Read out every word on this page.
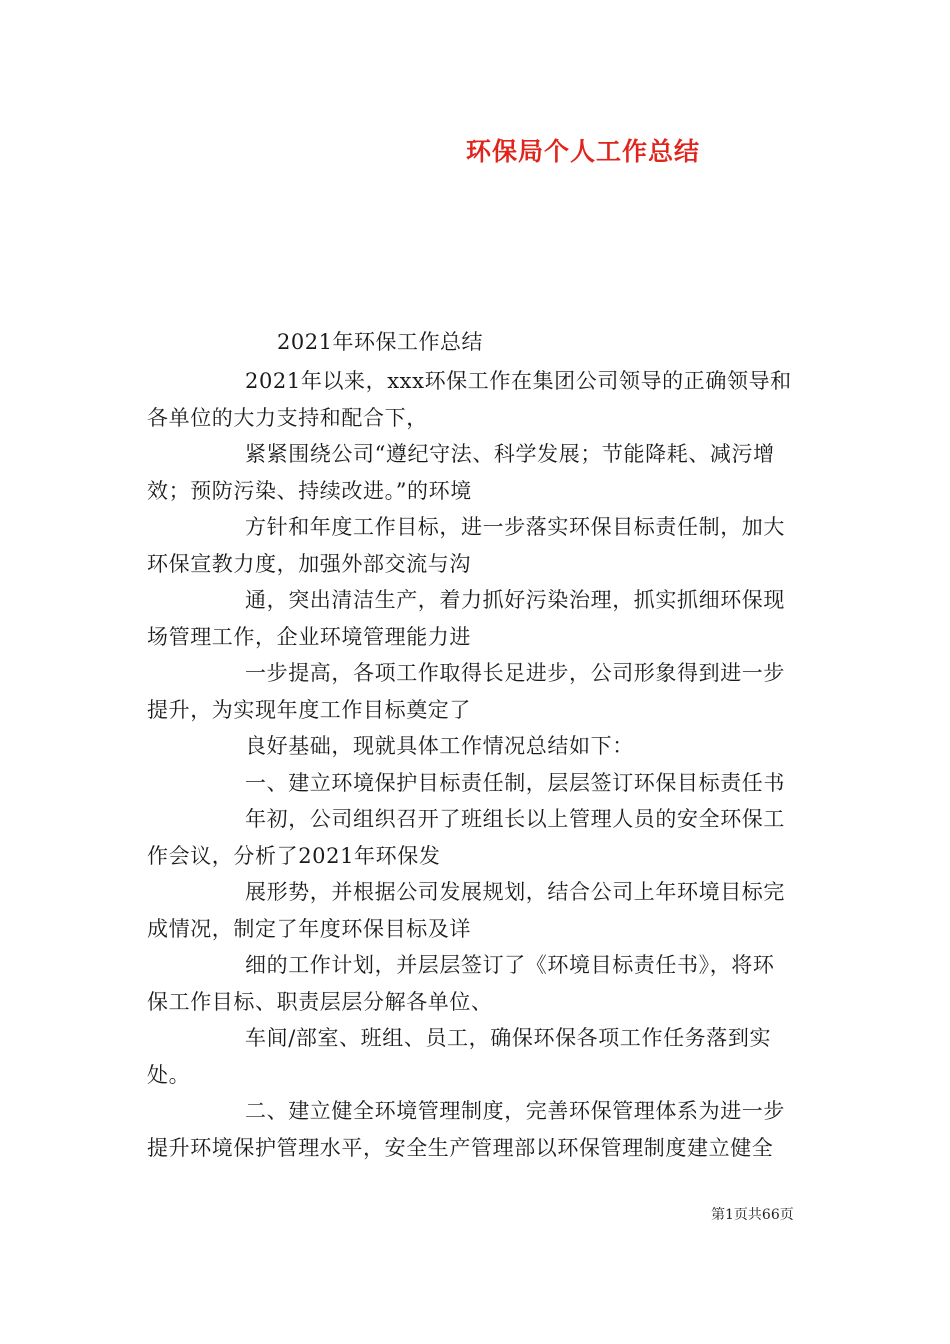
环保局个人工作总结
2021年环保工作总结

2021年以来，xxx环保工作在集团公司领导的正确领导和
各单位的大力支持和配合下，

紧紧围绕公司“遵纪守法、科学发展；节能降耗、减污增
效；预防污染、持续改进。”的环境

方针和年度工作目标，进一步落实环保目标责任制，加大
环保宣教力度，加强外部交流与沟

通，突出清洁生产，着力抓好污染治理，抓实抓细环保现
场管理工作，企业环境管理能力进

一步提高，各项工作取得长足进步，公司形象得到进一步
提升，为实现年度工作目标奠定了

良好基础，现就具体工作情况总结如下：

一、建立环境保护目标责任制，层层签订环保目标责任书

年初，公司组织召开了班组长以上管理人员的安全环保工
作会议，分析了2021年环保发

展形势，并根据公司发展规划，结合公司上年环境目标完
成情况，制定了年度环保目标及详

细的工作计划，并层层签订了《环境目标责任书》，将环
保工作目标、职责层层分解各单位、

车间/部室、班组、员工，确保环保各项工作任务落到实
处。

二、建立健全环境管理制度，完善环保管理体系为进一步
提升环境保护管理水平，安全生产管理部以环保管理制度建立健全

第1页共66页
